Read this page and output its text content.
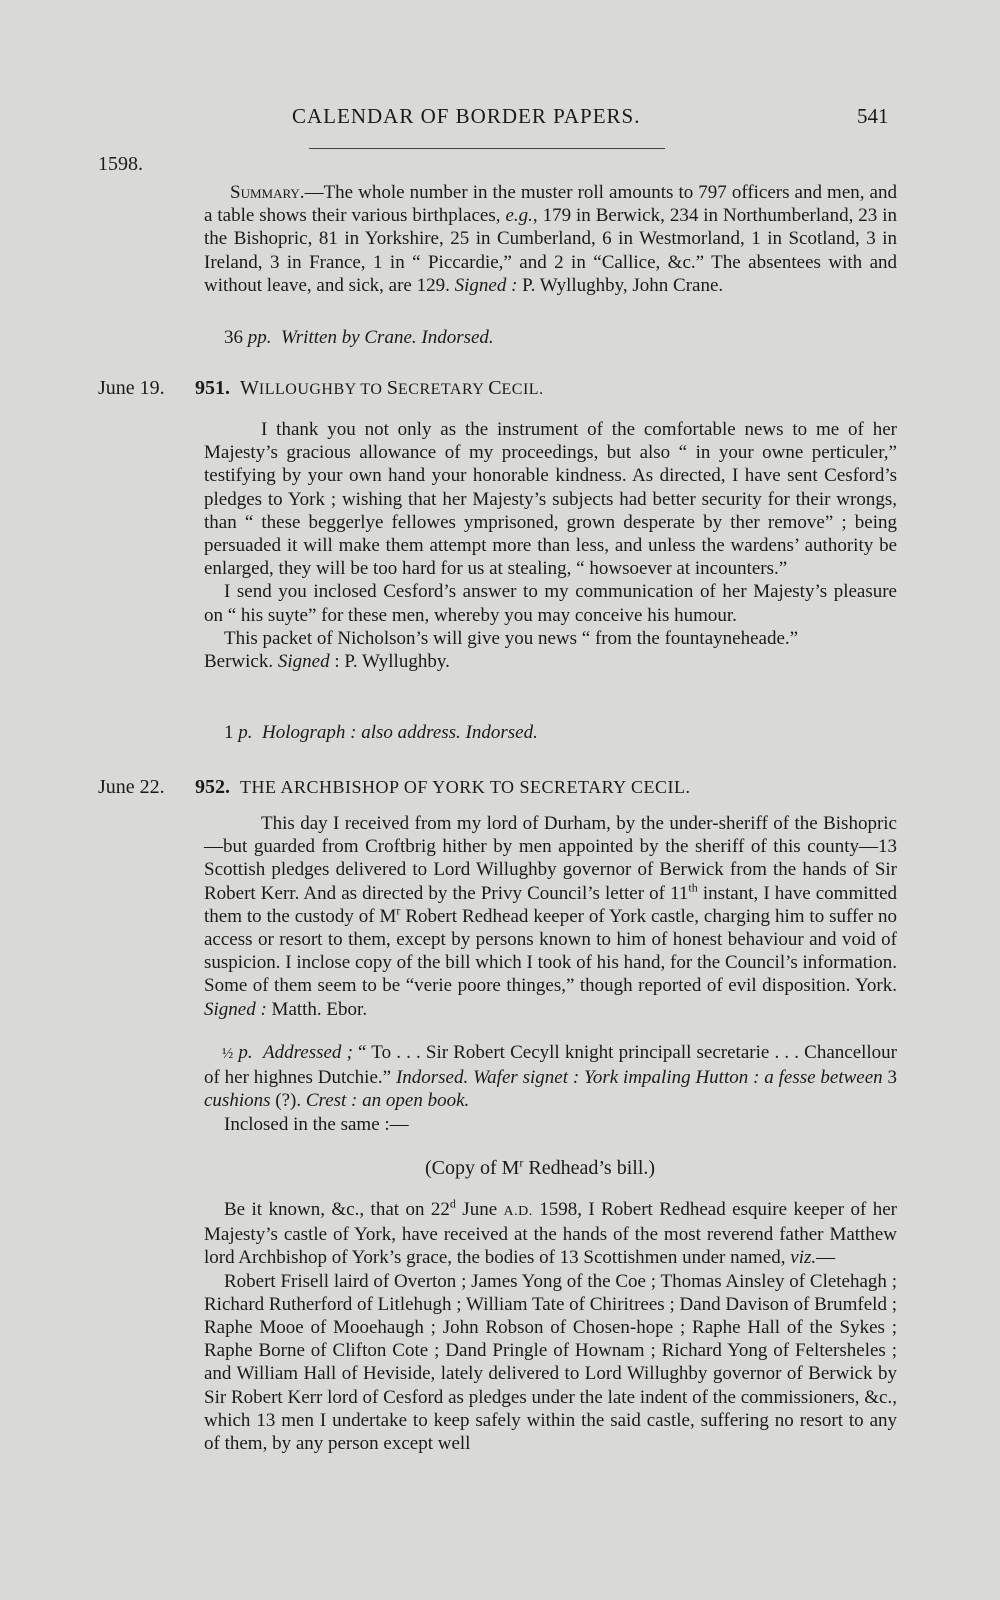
CALENDAR OF BORDER PAPERS.	541
1598.

Summary.—The whole number in the muster roll amounts to 797 officers and men, and a table shows their various birthplaces, e.g., 179 in Berwick, 234 in Northumberland, 23 in the Bishopric, 81 in Yorkshire, 25 in Cumberland, 6 in Westmorland, 1 in Scotland, 3 in Ireland, 3 in France, 1 in “ Piccardie,” and 2 in “Callice, &c.” The absentees with and without leave, and sick, are 129. Signed : P. Wyllughby, John Crane.

36 pp. Written by Crane. Indorsed.
June 19. 951. WILLOUGHBY TO SECRETARY CECIL.

I thank you not only as the instrument of the comfortable news to me of her Majesty’s gracious allowance of my proceedings, but also “ in your owne perticuler,” testifying by your own hand your honorable kindness. As directed, I have sent Cesford’s pledges to York ; wishing that her Majesty’s subjects had better security for their wrongs, than “ these beggerlye fellowes ymprisoned, grown desperate by ther remove” ; being persuaded it will make them attempt more than less, and unless the wardens’ authority be enlarged, they will be too hard for us at stealing, “ howsoever at incounters.”

I send you inclosed Cesford’s answer to my communication of her Majesty’s pleasure on “ his suyte” for these men, whereby you may conceive his humour.

This packet of Nicholson’s will give you news “ from the fountayneheade.”

Berwick. Signed : P. Wyllughby.

1 p. Holograph : also address. Indorsed.
June 22. 952. THE ARCHBISHOP OF YORK TO SECRETARY CECIL.

This day I received from my lord of Durham, by the under-sheriff of the Bishopric—but guarded from Croftbrig hither by men appointed by the sheriff of this county—13 Scottish pledges delivered to Lord Willughby governor of Berwick from the hands of Sir Robert Kerr. And as directed by the Privy Council’s letter of 11th instant, I have committed them to the custody of $M^r$ Robert Redhead keeper of York castle, charging him to suffer no access or resort to them, except by persons known to him of honest behaviour and void of suspicion. I inclose copy of the bill which I took of his hand, for the Council’s information. Some of them seem to be “verie poore thinges,” though reported of evil disposition. York. Signed : Matth. Ebor.

½ p. Addressed ; “ To . . . Sir Robert Cecyll knight principall secretarie . . . Chancellour of her highnes Dutchie.” Indorsed. Wafer signet : York impaling Hutton : a fesse between 3 cushions (?). Crest : an open book.

Inclosed in the same :—

(Copy of $M^r$ Redhead’s bill.)

Be it known, &c., that on 22$^d$ June A.D. 1598, I Robert Redhead esquire keeper of her Majesty’s castle of York, have received at the hands of the most reverend father Matthew lord Archbishop of York’s grace, the bodies of 13 Scottishmen under named, viz.—

Robert Frisell laird of Overton ; James Yong of the Coe ; Thomas Ainsley of Cletehagh ; Richard Rutherford of Litlehugh ; William Tate of Chiritrees ; Dand Davison of Brumfeld ; Raphe Mooe of Mooehaugh ; John Robson of Chosen-hope ; Raphe Hall of the Sykes ; Raphe Borne of Clifton Cote ; Dand Pringle of Hownam ; Richard Yong of Feltersheles ; and William Hall of Heviside, lately delivered to Lord Willughby governor of Berwick by Sir Robert Kerr lord of Cesford as pledges under the late indent of the commissioners, &c., which 13 men I undertake to keep safely within the said castle, suffering no resort to any of them, by any person except well
